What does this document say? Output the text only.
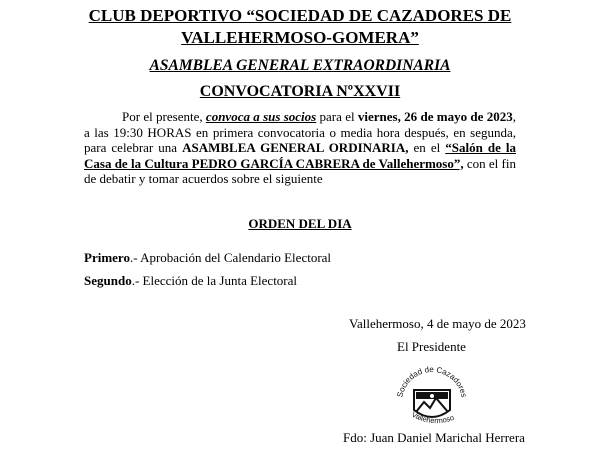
CLUB DEPORTIVO “SOCIEDAD DE CAZADORES DE
VALLEHERMOSO-GOMERA”
ASAMBLEA GENERAL EXTRAORDINARIA
CONVOCATORIA NºXXVII

Por el presente, convoca a sus socios para el viernes, 26 de mayo de 2023, a las 19:30 HORAS en primera convocatoria o media hora después, en segunda, para celebrar una ASAMBLEA GENERAL ORDINARIA, en el “Salón de la Casa de la Cultura PEDRO GARCÍA CABRERA de Vallehermoso”, con el fin de debatir y tomar acuerdos sobre el siguiente

ORDEN DEL DIA
Primero.- Aprobación del Calendario Electoral
Segundo.- Elección de la Junta Electoral
Vallehermoso, 4 de mayo de 2023
El Presidente
Sociedad de Cazadores
Vallehermoso
Fdo: Juan Daniel Marichal Herrera
